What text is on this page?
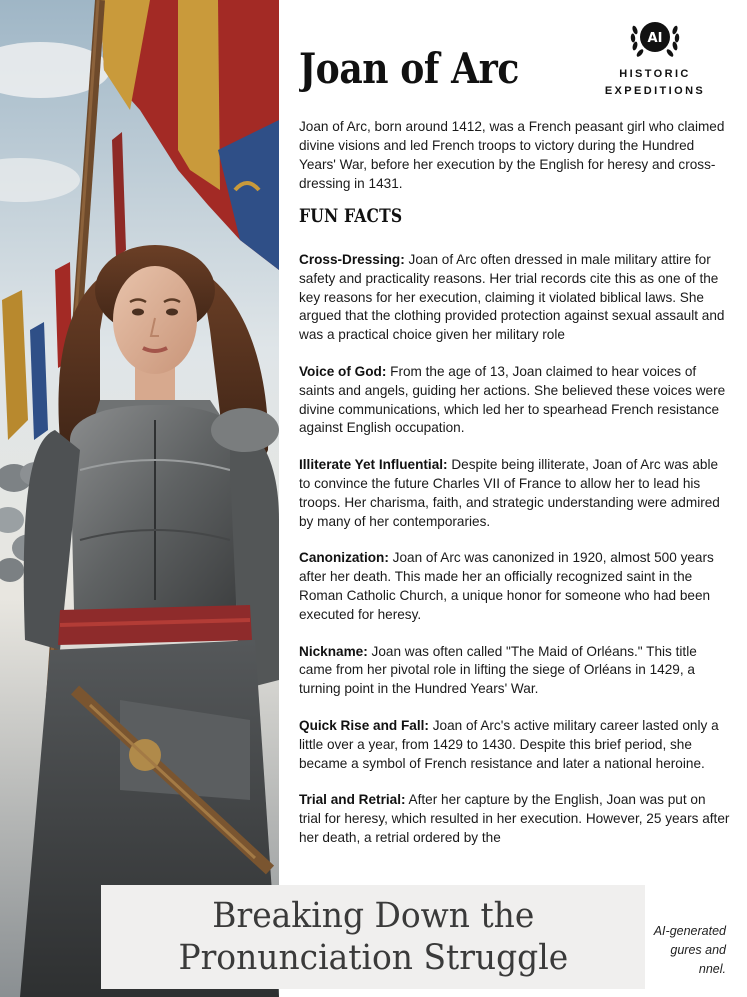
Joan of Arc
AI
HISTORIC
EXPEDITIONS

Joan of Arc, born around 1412, was a French peasant girl who claimed divine visions and led French troops to victory during the Hundred Years' War, before her execution by the English for heresy and cross-dressing in 1431.

FUN FACTS

Cross-Dressing: Joan of Arc often dressed in male military attire for safety and practicality reasons. Her trial records cite this as one of the key reasons for her execution, claiming it violated biblical laws. She argued that the clothing provided protection against sexual assault and was a practical choice given her military role

Voice of God: From the age of 13, Joan claimed to hear voices of saints and angels, guiding her actions. She believed these voices were divine communications, which led her to spearhead French resistance against English occupation.

Illiterate Yet Influential: Despite being illiterate, Joan of Arc was able to convince the future Charles VII of France to allow her to lead his troops. Her charisma, faith, and strategic understanding were admired by many of her contemporaries.

Canonization: Joan of Arc was canonized in 1920, almost 500 years after her death. This made her an officially recognized saint in the Roman Catholic Church, a unique honor for someone who had been executed for heresy.

Nickname: Joan was often called "The Maid of Orléans." This title came from her pivotal role in lifting the siege of Orléans in 1429, a turning point in the Hundred Years' War.

Quick Rise and Fall: Joan of Arc's active military career lasted only a little over a year, from 1429 to 1430. Despite this brief period, she became a symbol of French resistance and later a national heroine.

Trial and Retrial: After her capture by the English, Joan was put on trial for heresy, which resulted in her execution. However, 25 years after her death, a retrial ordered by the

AI-generated
gures and
nnel.
Breaking Down the
Pronunciation Struggle
